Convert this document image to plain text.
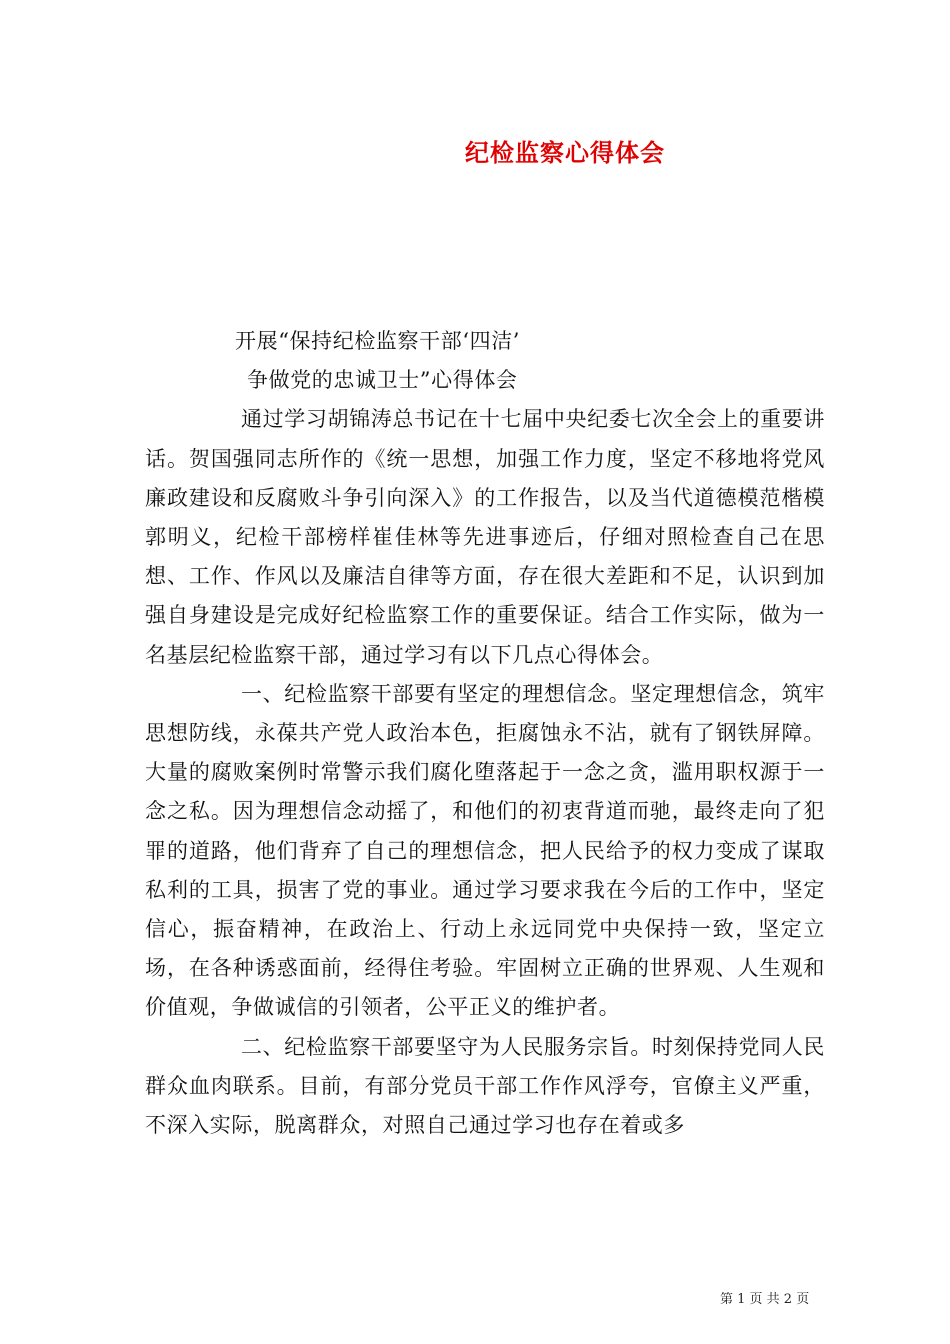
纪检监察心得体会

开展“保持纪检监察干部‘四洁’

争做党的忠诚卫士”心得体会

通过学习胡锦涛总书记在十七届中央纪委七次全会上的重要讲话。贺国强同志所作的《统一思想，加强工作力度，坚定不移地将党风廉政建设和反腐败斗争引向深入》的工作报告，以及当代道德模范楷模郭明义，纪检干部榜样崔佳林等先进事迹后，仔细对照检查自己在思想、工作、作风以及廉洁自律等方面，存在很大差距和不足，认识到加强自身建设是完成好纪检监察工作的重要保证。结合工作实际，做为一名基层纪检监察干部，通过学习有以下几点心得体会。

一、纪检监察干部要有坚定的理想信念。坚定理想信念，筑牢思想防线，永葆共产党人政治本色，拒腐蚀永不沾，就有了钢铁屏障。大量的腐败案例时常警示我们腐化堕落起于一念之贪，滥用职权源于一念之私。因为理想信念动摇了，和他们的初衷背道而驰，最终走向了犯罪的道路，他们背弃了自己的理想信念，把人民给予的权力变成了谋取私利的工具，损害了党的事业。通过学习要求我在今后的工作中，坚定信心，振奋精神，在政治上、行动上永远同党中央保持一致，坚定立场，在各种诱惑面前，经得住考验。牢固树立正确的世界观、人生观和价值观，争做诚信的引领者，公平正义的维护者。

二、纪检监察干部要坚守为人民服务宗旨。时刻保持党同人民群众血肉联系。目前，有部分党员干部工作作风浮夸，官僚主义严重，不深入实际，脱离群众，对照自己通过学习也存在着或多

第 1 页 共 2 页
